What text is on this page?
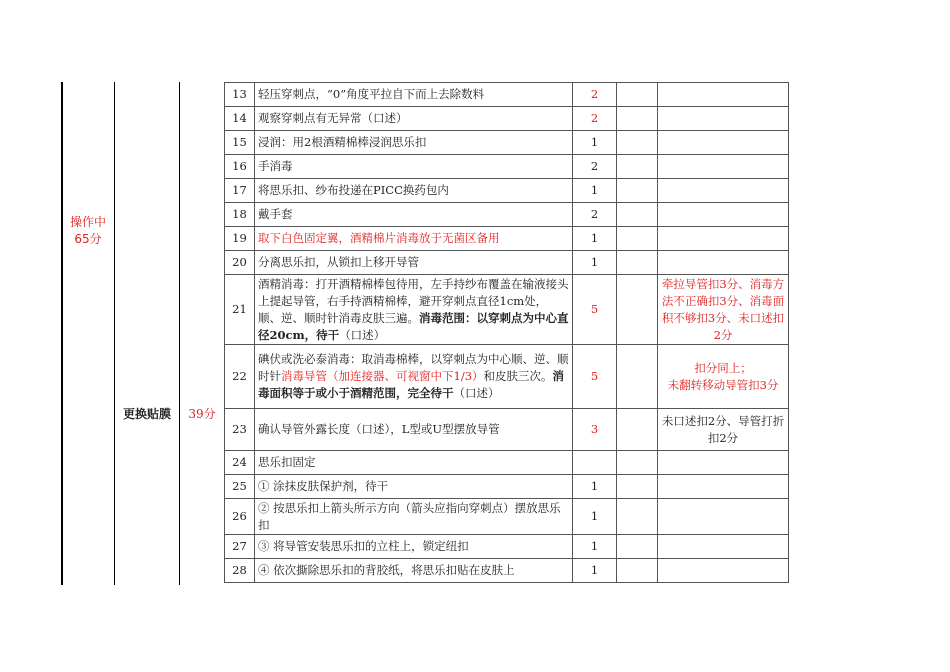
操作中
65分
更换贴膜	39分
13	轻压穿刺点，“0”角度平拉自下而上去除数料	2		
14	观察穿刺点有无异常（口述）	2		
15	浸润：用2根酒精棉棒浸润思乐扣	1		
16	手消毒	2		
17	将思乐扣、纱布投递在PICC换药包内	1		
18	戴手套	2		
19	取下白色固定翼，酒精棉片消毒放于无菌区备用	1		
20	分离思乐扣，从锁扣上移开导管	1		
21	酒精消毒：打开酒精棉棒包待用，左手持纱布覆盖在输液接头上提起导管，右手持酒精棉棒，避开穿刺点直径1cm处，顺、逆、顺时针消毒皮肤三遍。消毒范围：以穿刺点为中心直径20cm，待干（口述）	5		牵拉导管扣3分、消毒方法不正确扣3分、消毒面积不够扣3分、未口述扣2分
22	碘伏或洗必泰消毒：取消毒棉棒，以穿刺点为中心顺、逆、顺时针消毒导管（加连接器、可视窗中下1/3）和皮肤三次。消毒面积等于或小于酒精范围，完全待干（口述）	5		扣分同上；
未翻转移动导管扣3分

23	确认导管外露长度（口述），L型或U型摆放导管	3		未口述扣2分、导管打折扣2分
24	思乐扣固定			
25	① 涂抹皮肤保护剂，待干	1		
26	② 按思乐扣上箭头所示方向（箭头应指向穿刺点）摆放思乐扣	1		
27	③ 将导管安装思乐扣的立柱上，锁定纽扣	1		
28	④ 依次撕除思乐扣的背胶纸，将思乐扣贴在皮肤上	1		
